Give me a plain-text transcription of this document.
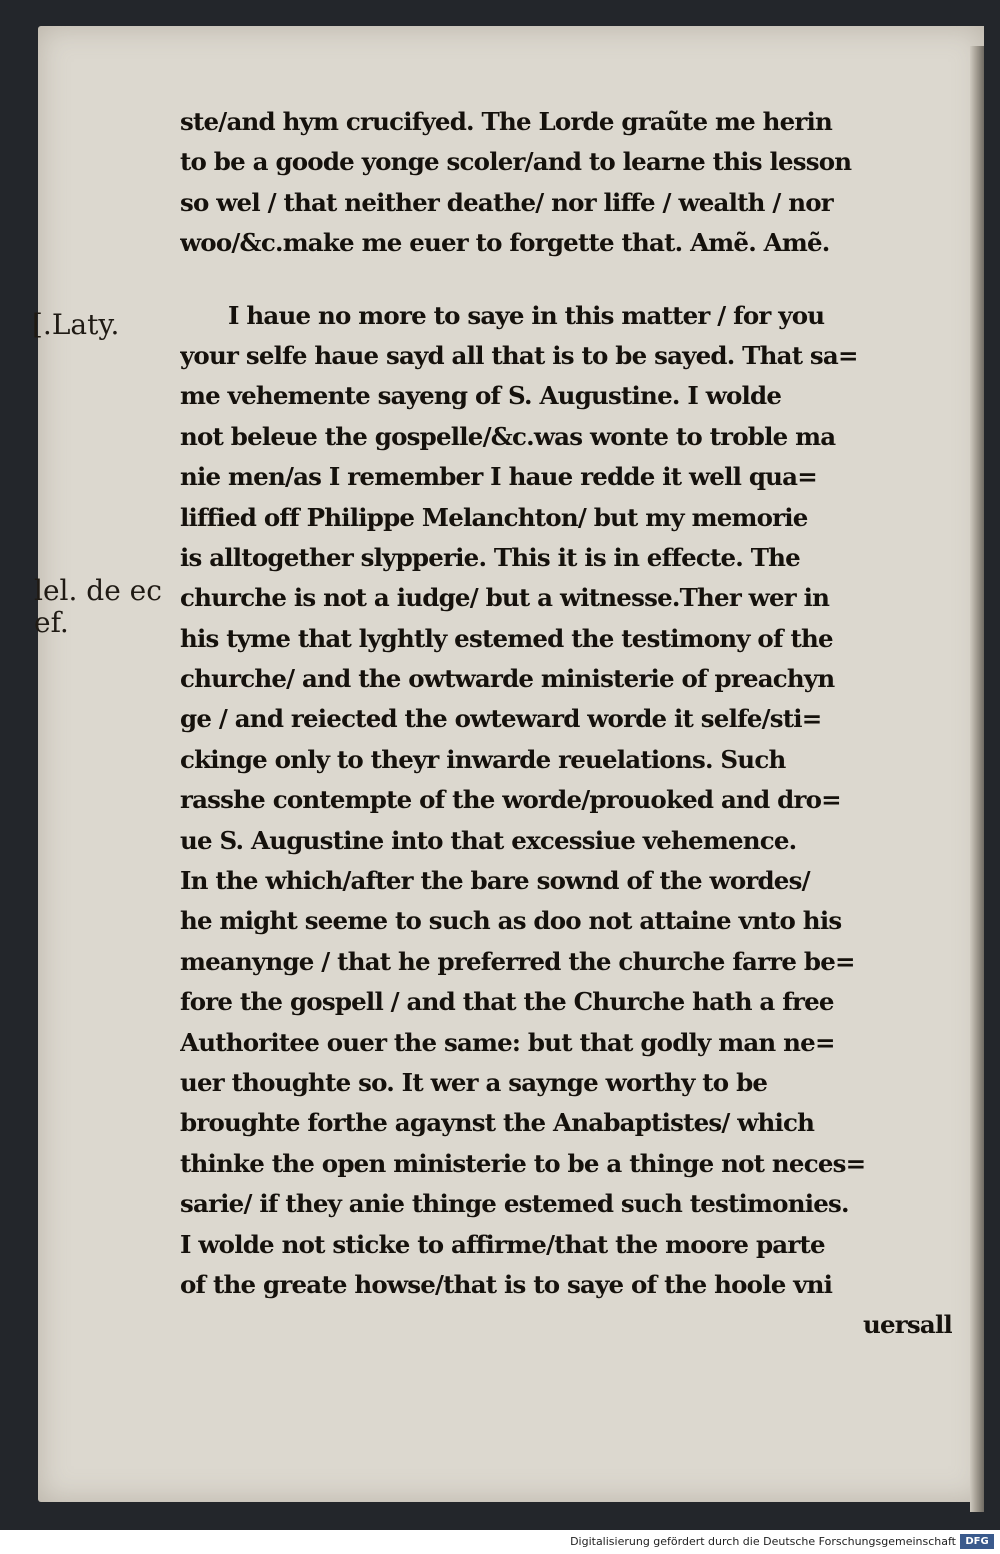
[.Laty.
lel. de ec
ef.
ste/and hym crucifyed. The Lorde graũte me herin
to be a goode yonge scoler/and to learne this lesson
so wel / that neither deathe/ nor liffe / wealth / nor
woo/&c.make me euer to forgette that. Amẽ. Amẽ.
I haue no more to saye in this matter / for you
your selfe haue sayd all that is to be sayed. That sa=
me vehemente sayeng of S. Augustine. I wolde
not beleue the gospelle/&c.was wonte to troble ma
nie men/as I remember I haue redde it well qua=
liffied off Philippe Melanchton/ but my memorie
is alltogether slypperie. This it is in effecte. The
churche is not a iudge/ but a witnesse.Ther wer in
his tyme that lyghtly estemed the testimony of the
churche/ and the owtwarde ministerie of preachyn
ge / and reiected the owteward worde it selfe/sti=
ckinge only to theyr inwarde reuelations. Such
rasshe contempte of the worde/prouoked and dro=
ue S. Augustine into that excessiue vehemence.
In the which/after the bare sownd of the wordes/
he might seeme to such as doo not attaine vnto his
meanynge / that he preferred the churche farre be=
fore the gospell / and that the Churche hath a free
Authoritee ouer the same: but that godly man ne=
uer thoughte so. It wer a saynge worthy to be
broughte forthe agaynst the Anabaptistes/ which
thinke the open ministerie to be a thinge not neces=
sarie/ if they anie thinge estemed such testimonies.
I wolde not sticke to affirme/that the moore parte
of the greate howse/that is to saye of the hoole vni
uersall
Digitalisierung gefördert durch die Deutsche Forschungsgemeinschaft DFG
